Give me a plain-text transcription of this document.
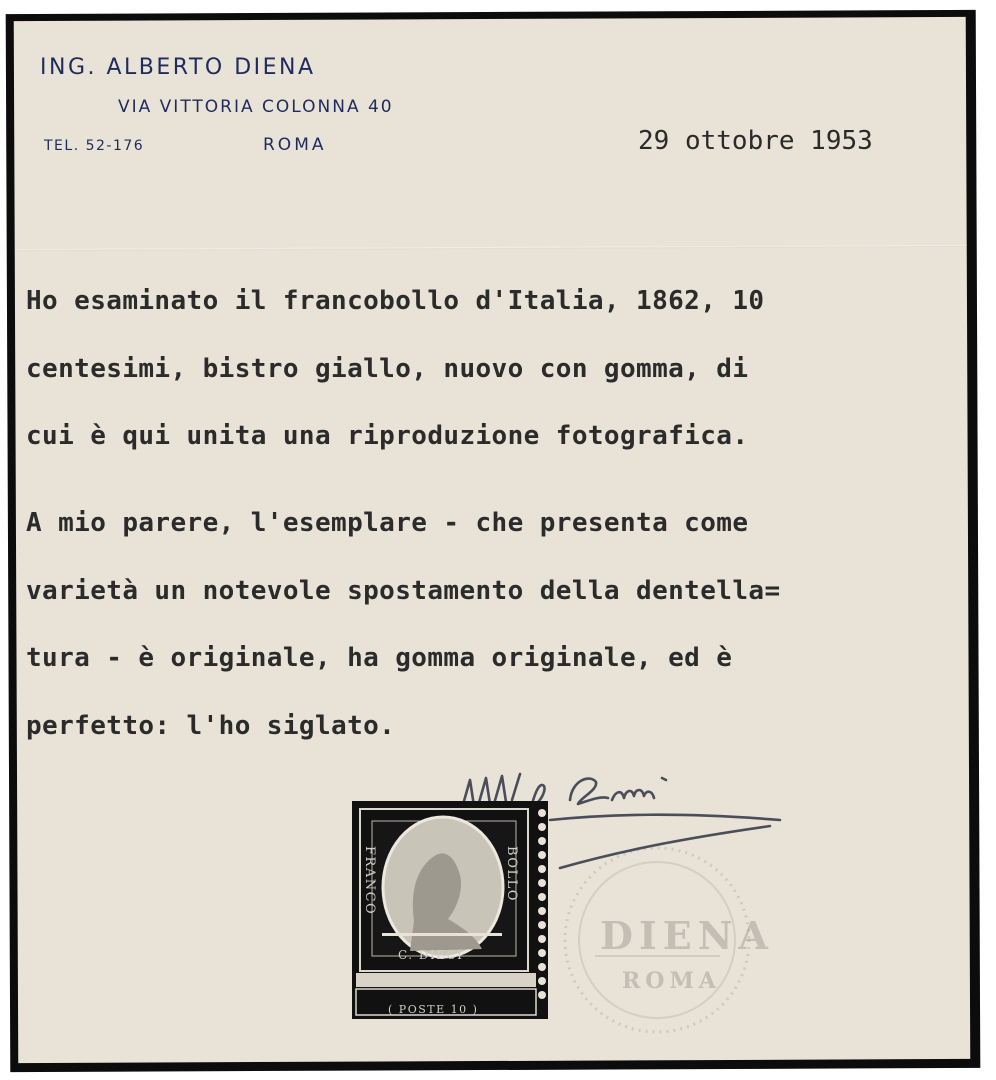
ING. ALBERTO DIENA
VIA VITTORIA COLONNA 40
TEL. 52-176	ROMA	29 ottobre 1953
Ho esaminato il francobollo d'Italia, 1862, 10
centesimi, bistro giallo, nuovo con gomma, di
cui è qui unita una riproduzione fotografica.
A mio parere, l'esemplare - che presenta come
varietà un notevole spostamento della dentella=
tura - è originale, ha gomma originale, ed è
perfetto: l'ho siglato.
DIENA
ROMA
FRANCO	BOLLO
C. DIECI
( POSTE 10 )
